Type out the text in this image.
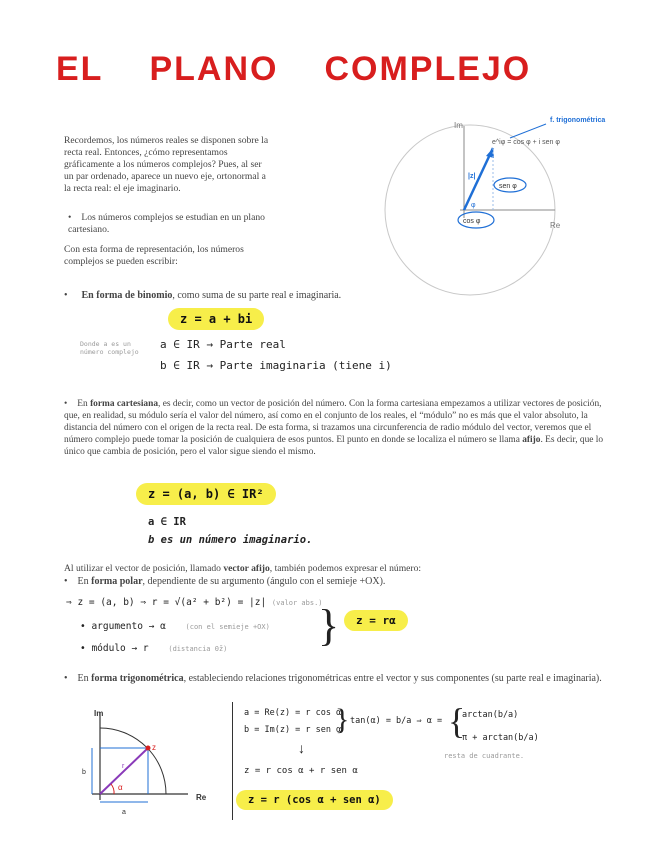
EL PLANO COMPLEJO
Recordemos, los números reales se disponen sobre la recta real. Entonces, ¿cómo representamos gráficamente a los números complejos? Pues, al ser un par ordenado, aparece un nuevo eje, ortonormal a la recta real: el eje imaginario.
• Los números complejos se estudian en un plano cartesiano.
Con esta forma de representación, los números complejos se pueden escribir:
Im
Re
f. trigonométrica
e^iφ = cos φ + i sen φ
|z|
sen φ
cos φ
φ
• En forma de binomio, como suma de su parte real e imaginaria.
z = a + bi
Donde a es un número complejo
a ∈ IR → Parte real
b ∈ IR → Parte imaginaria (tiene i)
• En forma cartesiana, es decir, como un vector de posición del número. Con la forma cartesiana empezamos a utilizar vectores de posición, que, en realidad, su módulo sería el valor del número, así como en el conjunto de los reales, el “módulo” no es más que el valor absoluto, la distancia del número con el origen de la recta real. De esta forma, si trazamos una circunferencia de radio módulo del vector, veremos que el número complejo puede tomar la posición de cualquiera de esos puntos. El punto en donde se localiza el número se llama afijo. Es decir, que lo único que cambia de posición, pero el valor sigue siendo el mismo.
z = (a, b) ∈ IR²
a ∈ IR
b es un número imaginario.
Al utilizar el vector de posición, llamado vector afijo, también podemos expresar el número:
• En forma polar, dependiente de su argumento (ángulo con el semieje +OX).
⇒ z = (a, b) ⇒ r = √(a² + b²) = |z| (valor abs.)
• argumento → α	(con el semieje +OX)
• módulo → r	(distancia 0̄z̄) }	z = rα
• En forma trigonométrica, estableciendo relaciones trigonométricas entre el vector y sus componentes (su parte real e imaginaria).
Im
Re
z
r
α
a
b
a = Re(z) = r cos α
b = Im(z) = r sen α
} tan(α) = b/a ⇒ α = {
arctan(b/a)
π + arctan(b/a)
resta de cuadrante.
↓
z = r cos α + r sen α
z = r (cos α + sen α)
